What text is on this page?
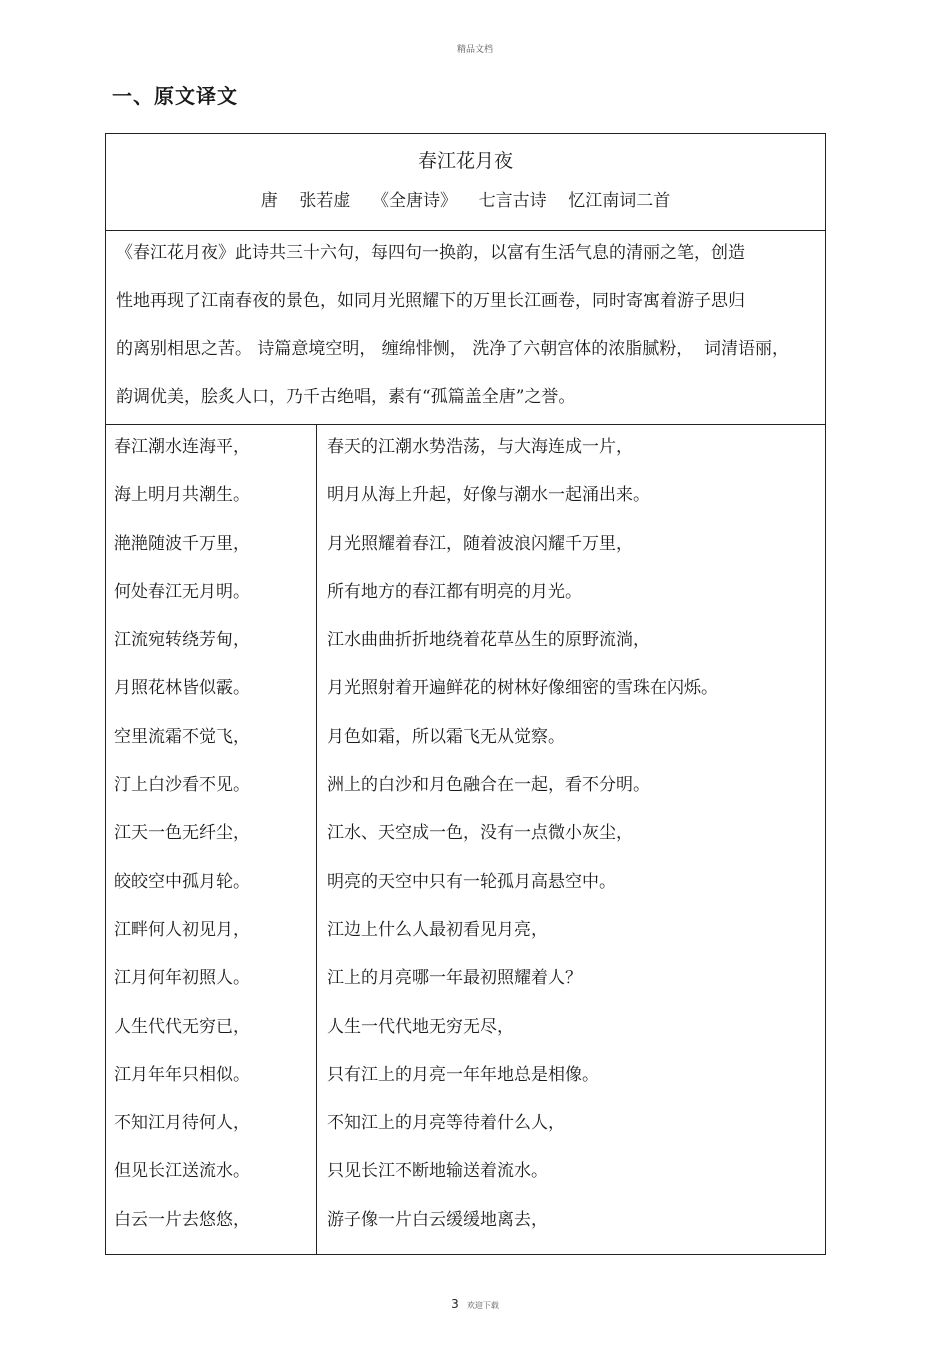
精品文档
一、原文译文
春江花月夜
唐    张若虚    《全唐诗》    七言古诗    忆江南词二首
《春江花月夜》此诗共三十六句，每四句一换韵，以富有生活气息的清丽之笔，创造
性地再现了江南春夜的景色，如同月光照耀下的万里长江画卷，同时寄寓着游子思归
的离别相思之苦。 诗篇意境空明， 缠绵悱恻， 洗净了六朝宫体的浓脂腻粉，  词清语丽，
韵调优美，脍炙人口，乃千古绝唱，素有“孤篇盖全唐”之誉。
春江潮水连海平，
海上明月共潮生。
滟滟随波千万里，
何处春江无月明。
江流宛转绕芳甸，
月照花林皆似霰。
空里流霜不觉飞，
汀上白沙看不见。
江天一色无纤尘，
皎皎空中孤月轮。
江畔何人初见月，
江月何年初照人。
人生代代无穷已，
江月年年只相似。
不知江月待何人，
但见长江送流水。
白云一片去悠悠，
春天的江潮水势浩荡，与大海连成一片，
明月从海上升起，好像与潮水一起涌出来。
月光照耀着春江，随着波浪闪耀千万里，
所有地方的春江都有明亮的月光。
江水曲曲折折地绕着花草丛生的原野流淌，
月光照射着开遍鲜花的树林好像细密的雪珠在闪烁。
月色如霜，所以霜飞无从觉察。
洲上的白沙和月色融合在一起，看不分明。
江水、天空成一色，没有一点微小灰尘，
明亮的天空中只有一轮孤月高悬空中。
江边上什么人最初看见月亮，
江上的月亮哪一年最初照耀着人？
人生一代代地无穷无尽，
只有江上的月亮一年年地总是相像。
不知江上的月亮等待着什么人，
只见长江不断地输送着流水。
游子像一片白云缓缓地离去，
3 欢迎下载
